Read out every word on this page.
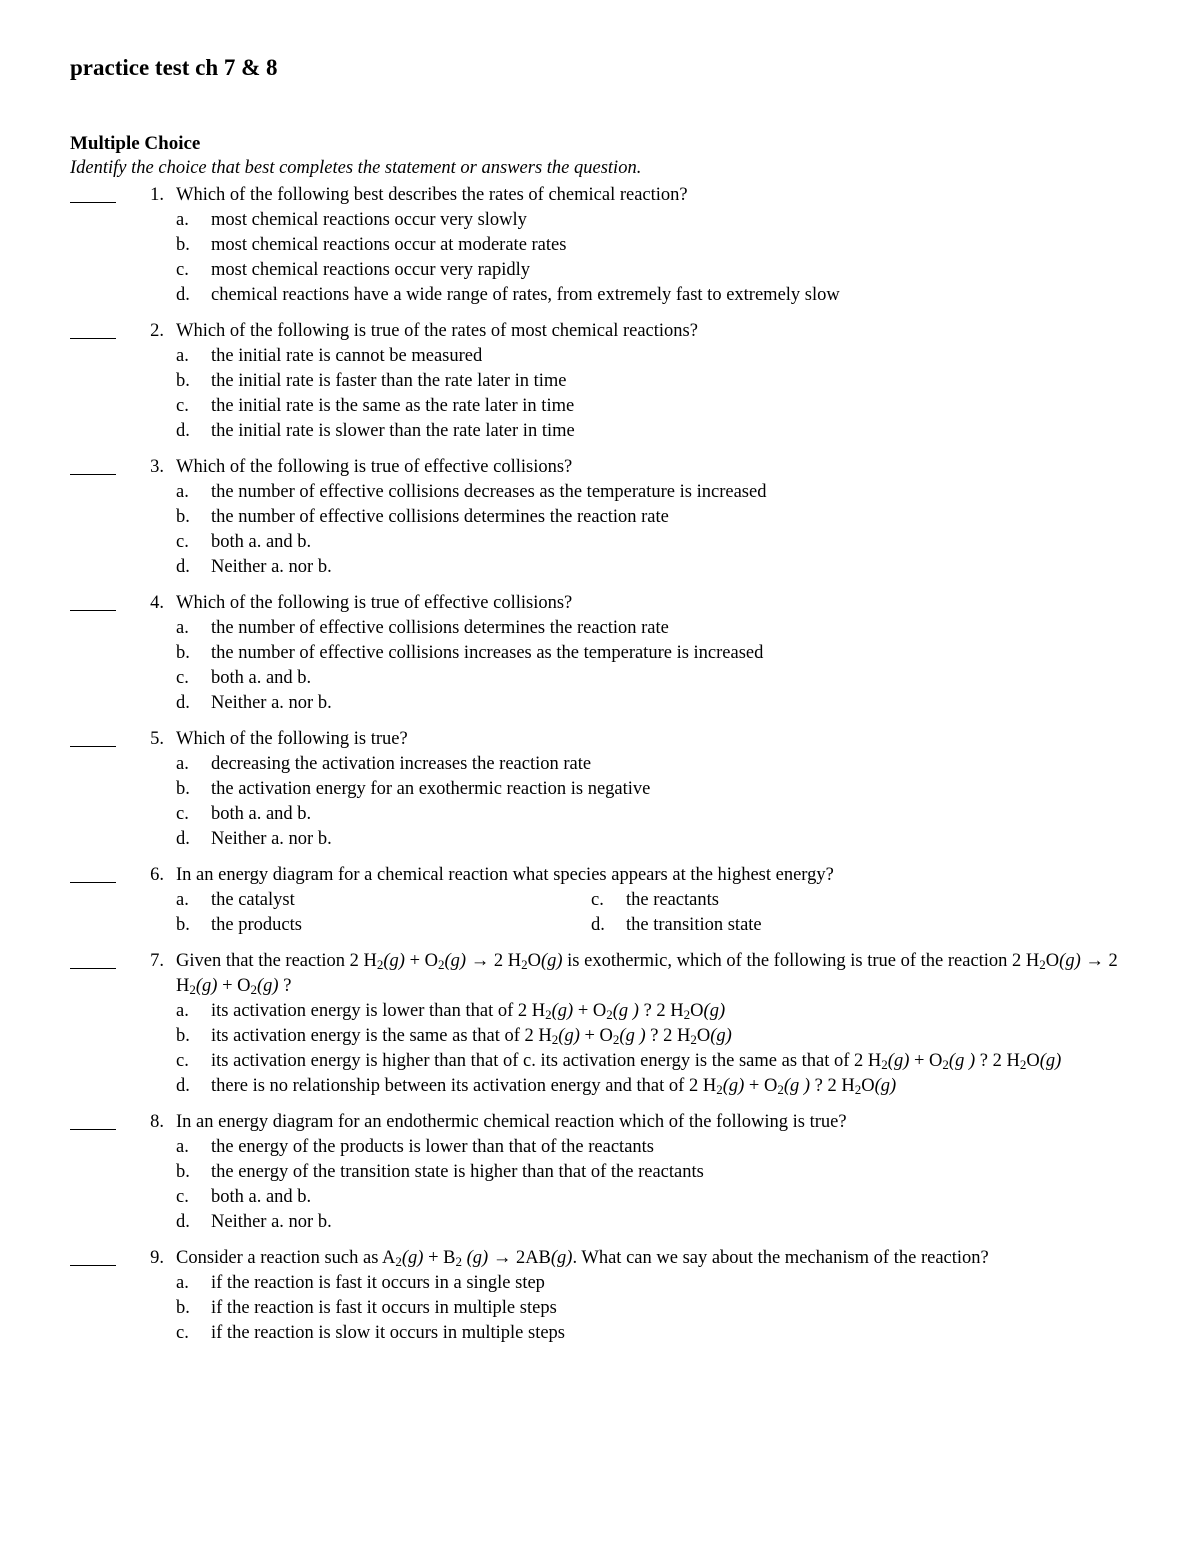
practice test ch 7 & 8
Multiple Choice
Identify the choice that best completes the statement or answers the question.
1. Which of the following best describes the rates of chemical reaction?
a. most chemical reactions occur very slowly
b. most chemical reactions occur at moderate rates
c. most chemical reactions occur very rapidly
d. chemical reactions have a wide range of rates, from extremely fast to extremely slow
2. Which of the following is true of the rates of most chemical reactions?
a. the initial rate is cannot be measured
b. the initial rate is faster than the rate later in time
c. the initial rate is the same as the rate later in time
d. the initial rate is slower than the rate later in time
3. Which of the following is true of effective collisions?
a. the number of effective collisions decreases as the temperature is increased
b. the number of effective collisions determines the reaction rate
c. both a. and b.
d. Neither a. nor b.
4. Which of the following is true of effective collisions?
a. the number of effective collisions determines the reaction rate
b. the number of effective collisions increases as the temperature is increased
c. both a. and b.
d. Neither a. nor b.
5. Which of the following is true?
a. decreasing the activation increases the reaction rate
b. the activation energy for an exothermic reaction is negative
c. both a. and b.
d. Neither a. nor b.
6. In an energy diagram for a chemical reaction what species appears at the highest energy?
a. the catalyst	c. the reactants
b. the products	d. the transition state
7. Given that the reaction 2 $H_2(g) + O_2(g) \to 2$ $H_2O(g)$ is exothermic, which of the following is true of the reaction 2 $H_2O(g) \to 2$ $H_2(g) + O_2(g)$ ?
a. its activation energy is lower than that of 2 $H_2(g) + O_2(g$ ) ? 2 $H_2O(g)$
b. its activation energy is the same as that of 2 $H_2(g) + O_2(g$ ) ? 2 $H_2O(g)$
c. its activation energy is higher than that of c. its activation energy is the same as that of 2 $H_2(g) + O_2(g$ ) ? 2 $H_2O(g)$
d. there is no relationship between its activation energy and that of 2 $H_2(g) + O_2(g$ ) ? 2 $H_2O(g)$
8. In an energy diagram for an endothermic chemical reaction which of the following is true?
a. the energy of the products is lower than that of the reactants
b. the energy of the transition state is higher than that of the reactants
c. both a. and b.
d. Neither a. nor b.
9. Consider a reaction such as $A_2(g) + B_2$ (g) → 2AB(g). What can we say about the mechanism of the reaction?
a. if the reaction is fast it occurs in a single step
b. if the reaction is fast it occurs in multiple steps
c. if the reaction is slow it occurs in multiple steps
